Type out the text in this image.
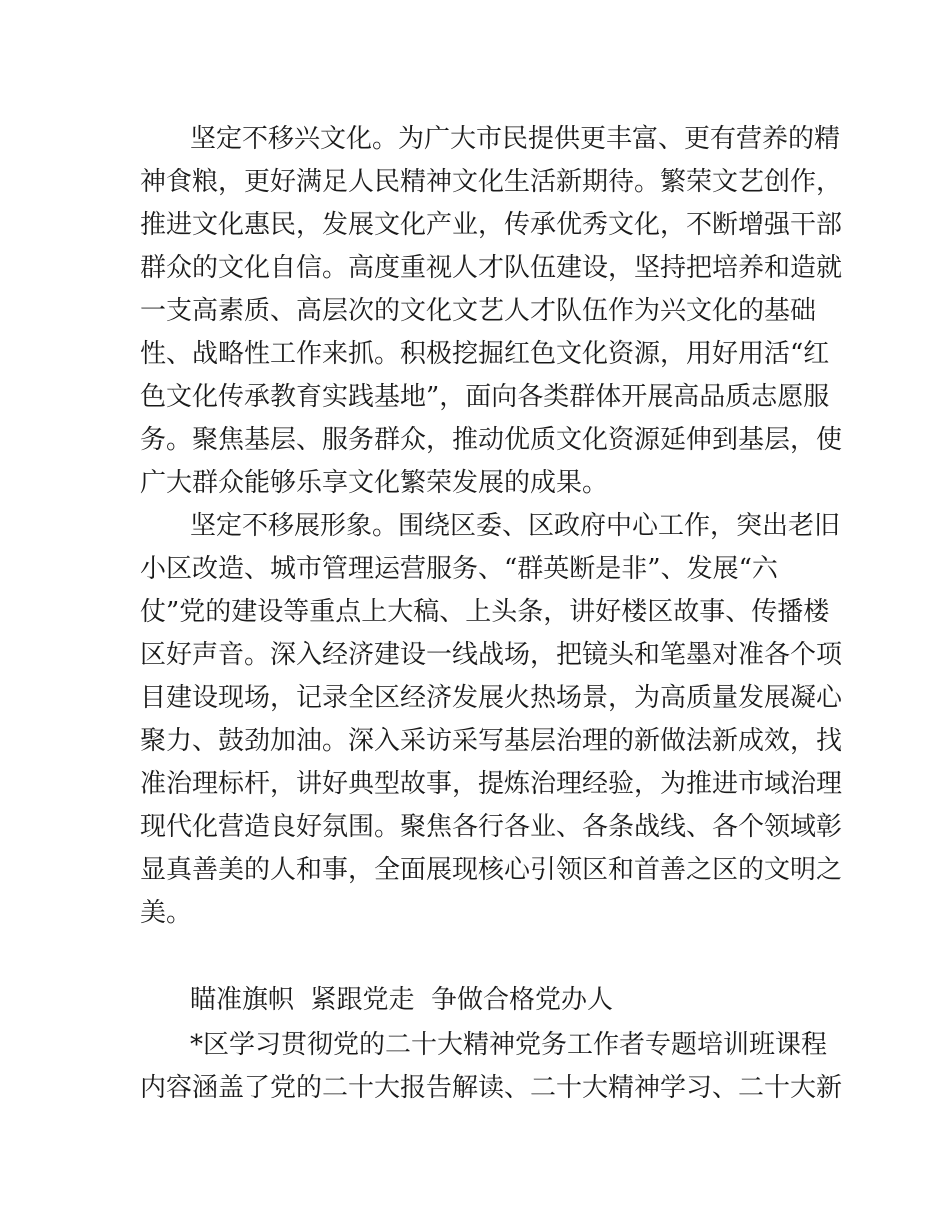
坚定不移兴文化。为广大市民提供更丰富、更有营养的精
神食粮，更好满足人民精神文化生活新期待。繁荣文艺创作，
推进文化惠民，发展文化产业，传承优秀文化，不断增强干部
群众的文化自信。高度重视人才队伍建设，坚持把培养和造就
一支高素质、高层次的文化文艺人才队伍作为兴文化的基础
性、战略性工作来抓。积极挖掘红色文化资源，用好用活“红
色文化传承教育实践基地”，面向各类群体开展高品质志愿服
务。聚焦基层、服务群众，推动优质文化资源延伸到基层，使
广大群众能够乐享文化繁荣发展的成果。
坚定不移展形象。围绕区委、区政府中心工作，突出老旧
小区改造、城市管理运营服务、“群英断是非”、发展“六
仗”党的建设等重点上大稿、上头条，讲好楼区故事、传播楼
区好声音。深入经济建设一线战场，把镜头和笔墨对准各个项
目建设现场，记录全区经济发展火热场景，为高质量发展凝心
聚力、鼓劲加油。深入采访采写基层治理的新做法新成效，找
准治理标杆，讲好典型故事，提炼治理经验，为推进市域治理
现代化营造良好氛围。聚焦各行各业、各条战线、各个领域彰
显真善美的人和事，全面展现核心引领区和首善之区的文明之
美。
瞄准旗帜  紧跟党走  争做合格党办人
*区学习贯彻党的二十大精神党务工作者专题培训班课程
内容涵盖了党的二十大报告解读、二十大精神学习、二十大新
